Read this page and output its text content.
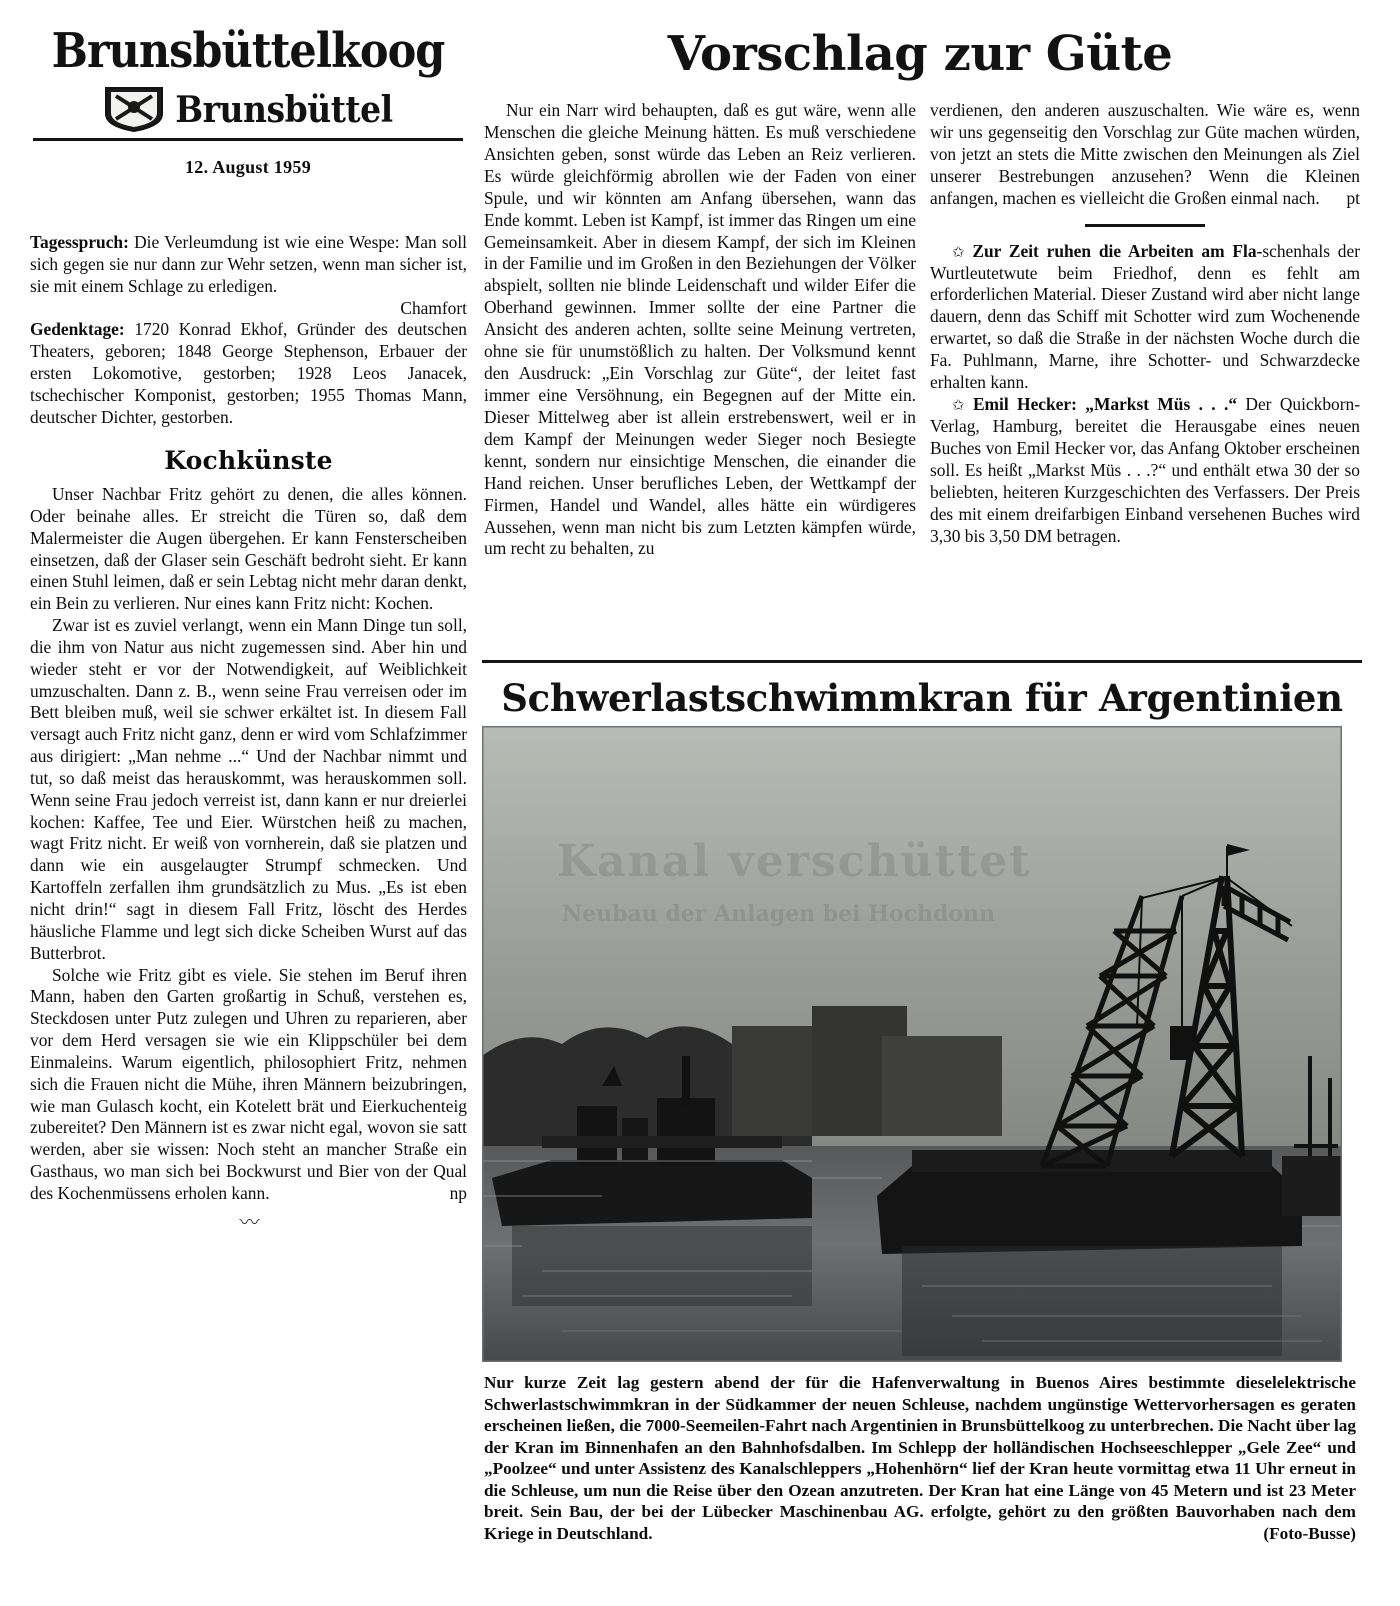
Brunsbüttelkoog
Brunsbüttel
12. August 1959

Tagesspruch: Die Verleumdung ist wie eine Wespe: Man soll sich gegen sie nur dann zur Wehr setzen, wenn man sicher ist, sie mit einem Schlage zu erledigen.
Chamfort

Gedenktage: 1720 Konrad Ekhof, Gründer des deutschen Theaters, geboren; 1848 George Stephenson, Erbauer der ersten Lokomotive, gestorben; 1928 Leos Janacek, tschechischer Komponist, gestorben; 1955 Thomas Mann, deutscher Dichter, gestorben.

Kochkünste

Unser Nachbar Fritz gehört zu denen, die alles können. Oder beinahe alles. Er streicht die Türen so, daß dem Malermeister die Augen übergehen. Er kann Fensterscheiben einsetzen, daß der Glaser sein Geschäft bedroht sieht. Er kann einen Stuhl leimen, daß er sein Lebtag nicht mehr daran denkt, ein Bein zu verlieren. Nur eines kann Fritz nicht: Kochen.

Zwar ist es zuviel verlangt, wenn ein Mann Dinge tun soll, die ihm von Natur aus nicht zugemessen sind. Aber hin und wieder steht er vor der Notwendigkeit, auf Weiblichkeit umzuschalten. Dann z. B., wenn seine Frau verreisen oder im Bett bleiben muß, weil sie schwer erkältet ist. In diesem Fall versagt auch Fritz nicht ganz, denn er wird vom Schlafzimmer aus dirigiert: „Man nehme ...“ Und der Nachbar nimmt und tut, so daß meist das herauskommt, was herauskommen soll. Wenn seine Frau jedoch verreist ist, dann kann er nur dreierlei kochen: Kaffee, Tee und Eier. Würstchen heiß zu machen, wagt Fritz nicht. Er weiß von vornherein, daß sie platzen und dann wie ein ausgelaugter Strumpf schmecken. Und Kartoffeln zerfallen ihm grundsätzlich zu Mus. „Es ist eben nicht drin!“ sagt in diesem Fall Fritz, löscht des Herdes häusliche Flamme und legt sich dicke Scheiben Wurst auf das Butterbrot.

Solche wie Fritz gibt es viele. Sie stehen im Beruf ihren Mann, haben den Garten großartig in Schuß, verstehen es, Steckdosen unter Putz zulegen und Uhren zu reparieren, aber vor dem Herd versagen sie wie ein Klippschüler bei dem Einmaleins. Warum eigentlich, philosophiert Fritz, nehmen sich die Frauen nicht die Mühe, ihren Männern beizubringen, wie man Gulasch kocht, ein Kotelett brät und Eierkuchenteig zubereitet? Den Männern ist es zwar nicht egal, wovon sie satt werden, aber sie wissen: Noch steht an mancher Straße ein Gasthaus, wo man sich bei Bockwurst und Bier von der Qual des Kochenmüssens erholen kann.	np

〰
Vorschlag zur Güte

Nur ein Narr wird behaupten, daß es gut wäre, wenn alle Menschen die gleiche Meinung hätten. Es muß verschiedene Ansichten geben, sonst würde das Leben an Reiz verlieren. Es würde gleichförmig abrollen wie der Faden von einer Spule, und wir könnten am Anfang übersehen, wann das Ende kommt. Leben ist Kampf, ist immer das Ringen um eine Gemeinsamkeit. Aber in diesem Kampf, der sich im Kleinen in der Familie und im Großen in den Beziehungen der Völker abspielt, sollten nie blinde Leidenschaft und wilder Eifer die Oberhand gewinnen. Immer sollte der eine Partner die Ansicht des anderen achten, sollte seine Meinung vertreten, ohne sie für unumstößlich zu halten. Der Volksmund kennt den Ausdruck: „Ein Vorschlag zur Güte“, der leitet fast immer eine Versöhnung, ein Begegnen auf der Mitte ein. Dieser Mittelweg aber ist allein erstrebenswert, weil er in dem Kampf der Meinungen weder Sieger noch Besiegte kennt, sondern nur einsichtige Menschen, die einander die Hand reichen. Unser berufliches Leben, der Wettkampf der Firmen, Handel und Wandel, alles hätte ein würdigeres Aussehen, wenn man nicht bis zum Letzten kämpfen würde, um recht zu behalten, zu

verdienen, den anderen auszuschalten. Wie wäre es, wenn wir uns gegenseitig den Vorschlag zur Güte machen würden, von jetzt an stets die Mitte zwischen den Meinungen als Ziel unserer Bestrebungen anzusehen? Wenn die Kleinen anfangen, machen es vielleicht die Großen einmal nach. pt

✩ Zur Zeit ruhen die Arbeiten am Fla-schenhals der Wurtleutetwute beim Friedhof, denn es fehlt am erforderlichen Material. Dieser Zustand wird aber nicht lange dauern, denn das Schiff mit Schotter wird zum Wochenende erwartet, so daß die Straße in der nächsten Woche durch die Fa. Puhlmann, Marne, ihre Schotter- und Schwarzdecke erhalten kann.

✩ Emil Hecker: „Markst Müs . . .“ Der Quickborn-Verlag, Hamburg, bereitet die Herausgabe eines neuen Buches von Emil Hecker vor, das Anfang Oktober erscheinen soll. Es heißt „Markst Müs . . .?“ und enthält etwa 30 der so beliebten, heiteren Kurzgeschichten des Verfassers. Der Preis des mit einem dreifarbigen Einband versehenen Buches wird 3,30 bis 3,50 DM betragen.

Schwerlastschwimmkran für Argentinien
Kanal verschüttet
Neubau der Anlagen bei Hochdonn
Nur kurze Zeit lag gestern abend der für die Hafenverwaltung in Buenos Aires bestimmte dieselelektrische Schwerlastschwimmkran in der Südkammer der neuen Schleuse, nachdem ungünstige Wettervorhersagen es geraten erscheinen ließen, die 7000-Seemeilen-Fahrt nach Argentinien in Brunsbüttelkoog zu unterbrechen. Die Nacht über lag der Kran im Binnenhafen an den Bahnhofsdalben. Im Schlepp der holländischen Hochseeschlepper „Gele Zee“ und „Poolzee“ und unter Assistenz des Kanalschleppers „Hohenhörn“ lief der Kran heute vormittag etwa 11 Uhr erneut in die Schleuse, um nun die Reise über den Ozean anzutreten. Der Kran hat eine Länge von 45 Metern und ist 23 Meter breit. Sein Bau, der bei der Lübecker Maschinenbau AG. erfolgte, gehört zu den größten Bauvorhaben nach dem Kriege in Deutschland.	(Foto-Busse)
